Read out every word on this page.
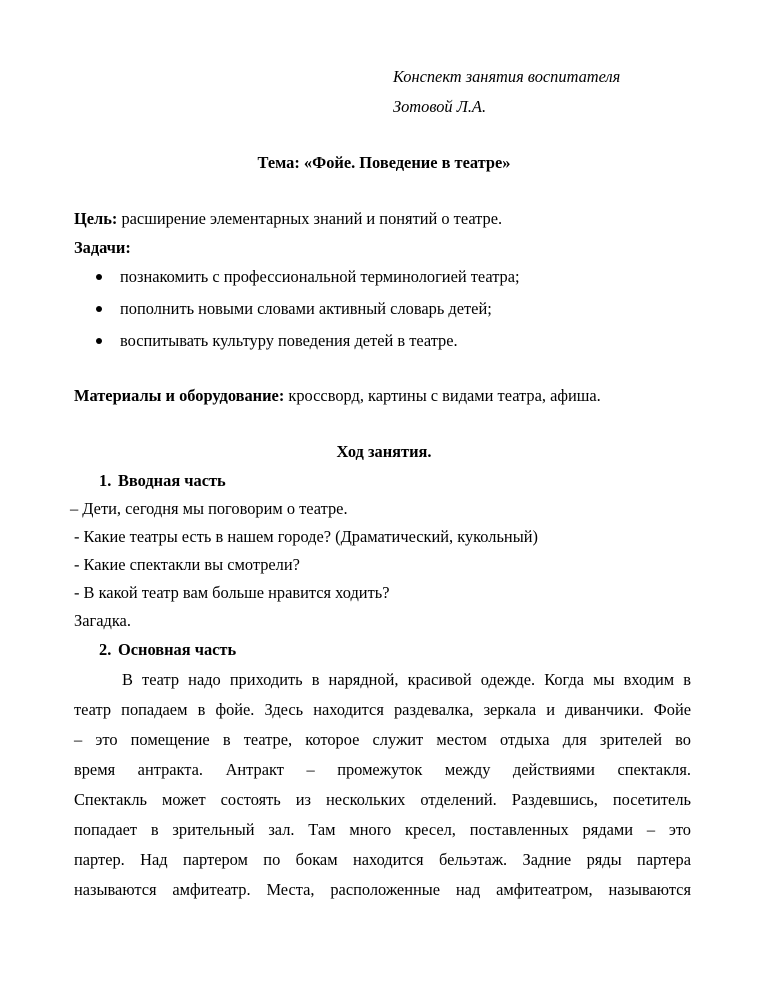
Конспект занятия воспитателя
Зотовой Л.А.
Тема: «Фойе. Поведение в театре»
Цель: расширение элементарных знаний и понятий о театре.
Задачи:
познакомить с профессиональной терминологией театра;
пополнить новыми словами активный словарь детей;
воспитывать культуру поведения детей в театре.
Материалы и оборудование: кроссворд, картины с видами театра, афиша.
Ход занятия.
1. Вводная часть
– Дети, сегодня мы поговорим о театре.
- Какие театры есть в нашем городе? (Драматический, кукольный)
- Какие спектакли вы смотрели?
- В какой театр вам больше нравится ходить?
Загадка.
2. Основная часть
В театр надо приходить в нарядной, красивой одежде. Когда мы входим в
театр попадаем в фойе. Здесь находится раздевалка, зеркала и диванчики. Фойе
– это помещение в театре, которое служит местом отдыха для зрителей во
время антракта. Антракт – промежуток между действиями спектакля.
Спектакль может состоять из нескольких отделений. Раздевшись, посетитель
попадает в зрительный зал. Там много кресел, поставленных рядами – это
партер. Над партером по бокам находится бельэтаж. Задние ряды партера
называются амфитеатр. Места, расположенные над амфитеатром, называются
